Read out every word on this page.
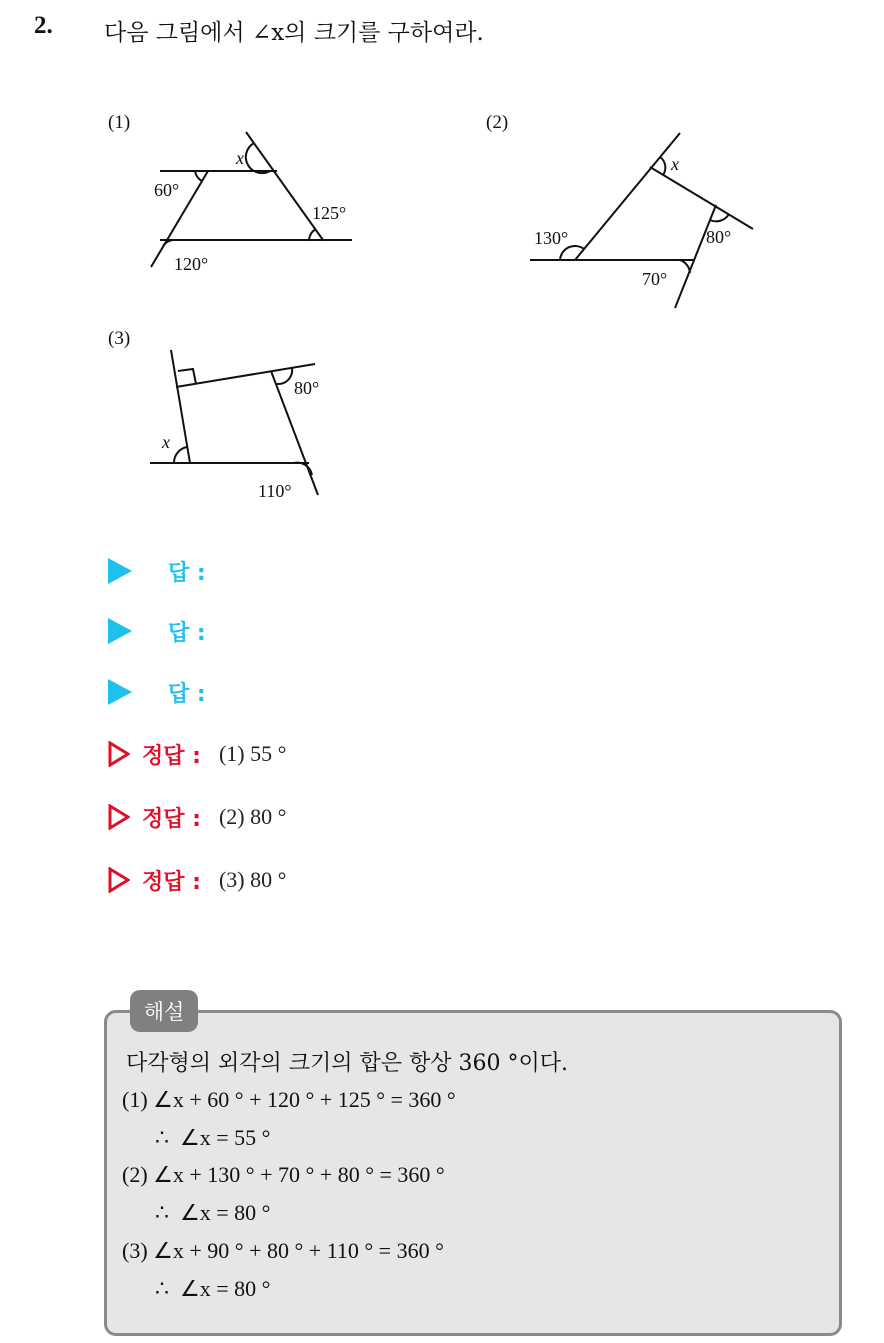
2. 다음 그림에서 ∠x의 크기를 구하여라.
(1)
x
60°
125°
120°
(2)
x
130°	80°
70°
(3)
x
80°
110°
답 :
답 :
답 :
정답 : (1) 55 °
정답 : (2) 80 °
정답 : (3) 80 °
해설
다각형의 외각의 크기의 합은 항상 360 °이다.
(1) ∠x + 60 ° + 120 ° + 125 ° = 360 °
∴  ∠x = 55 °
(2) ∠x + 130 ° + 70 ° + 80 ° = 360 °
∴  ∠x = 80 °
(3) ∠x + 90 ° + 80 ° + 110 ° = 360 °
∴  ∠x = 80 °
